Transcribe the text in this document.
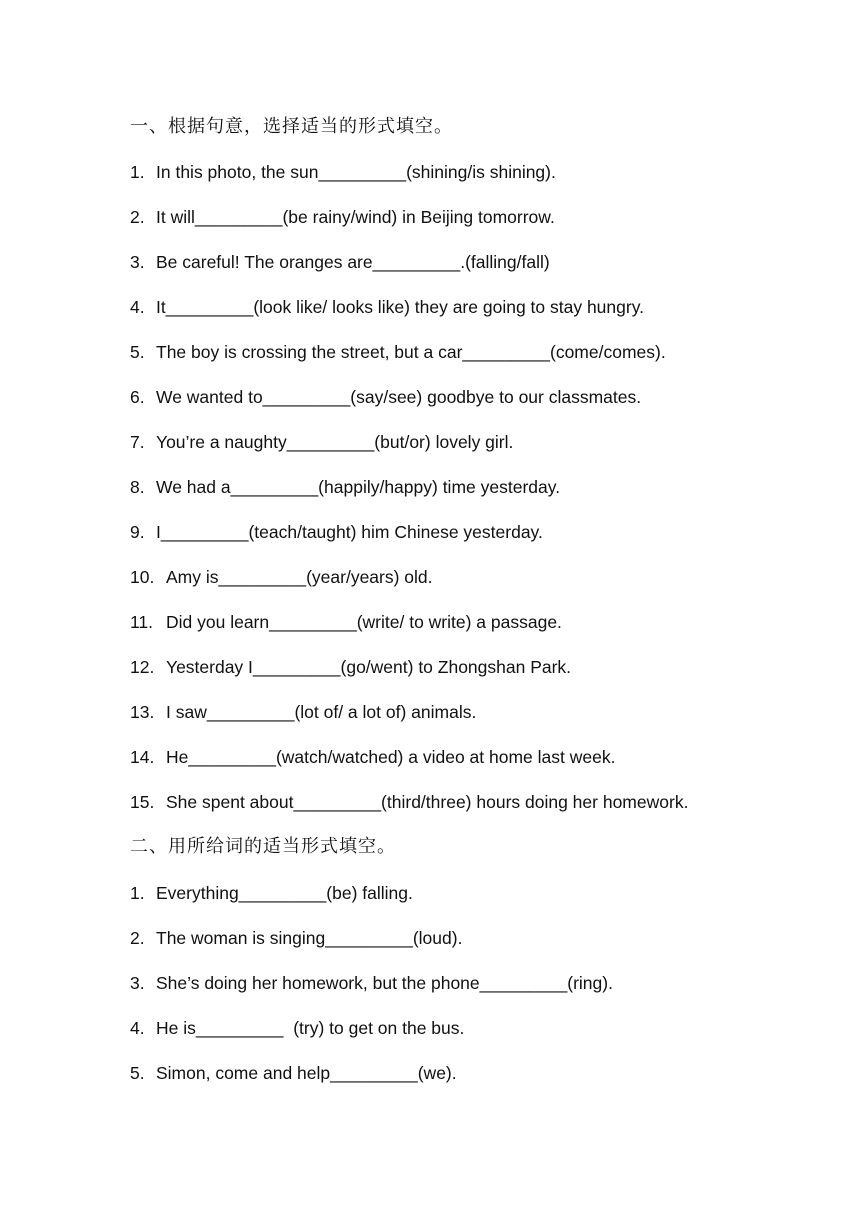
一、根据句意，选择适当的形式填空。
1. In this photo, the sun_________(shining/is shining).
2. It will_________(be rainy/wind) in Beijing tomorrow.
3. Be careful! The oranges are_________.(falling/fall)
4. It_________(look like/ looks like) they are going to stay hungry.
5. The boy is crossing the street, but a car_________(come/comes).
6. We wanted to_________(say/see) goodbye to our classmates.
7. You’re a naughty_________(but/or) lovely girl.
8. We had a_________(happily/happy) time yesterday.
9. I_________(teach/taught) him Chinese yesterday.
10. Amy is_________(year/years) old.
11. Did you learn_________(write/ to write) a passage.
12. Yesterday I_________(go/went) to Zhongshan Park.
13. I saw_________(lot of/ a lot of) animals.
14. He_________(watch/watched) a video at home last week.
15. She spent about_________(third/three) hours doing her homework.
二、用所给词的适当形式填空。
1. Everything_________(be) falling.
2. The woman is singing_________(loud).
3. She’s doing her homework, but the phone_________(ring).
4. He is_________  (try) to get on the bus.
5. Simon, come and help_________(we).
